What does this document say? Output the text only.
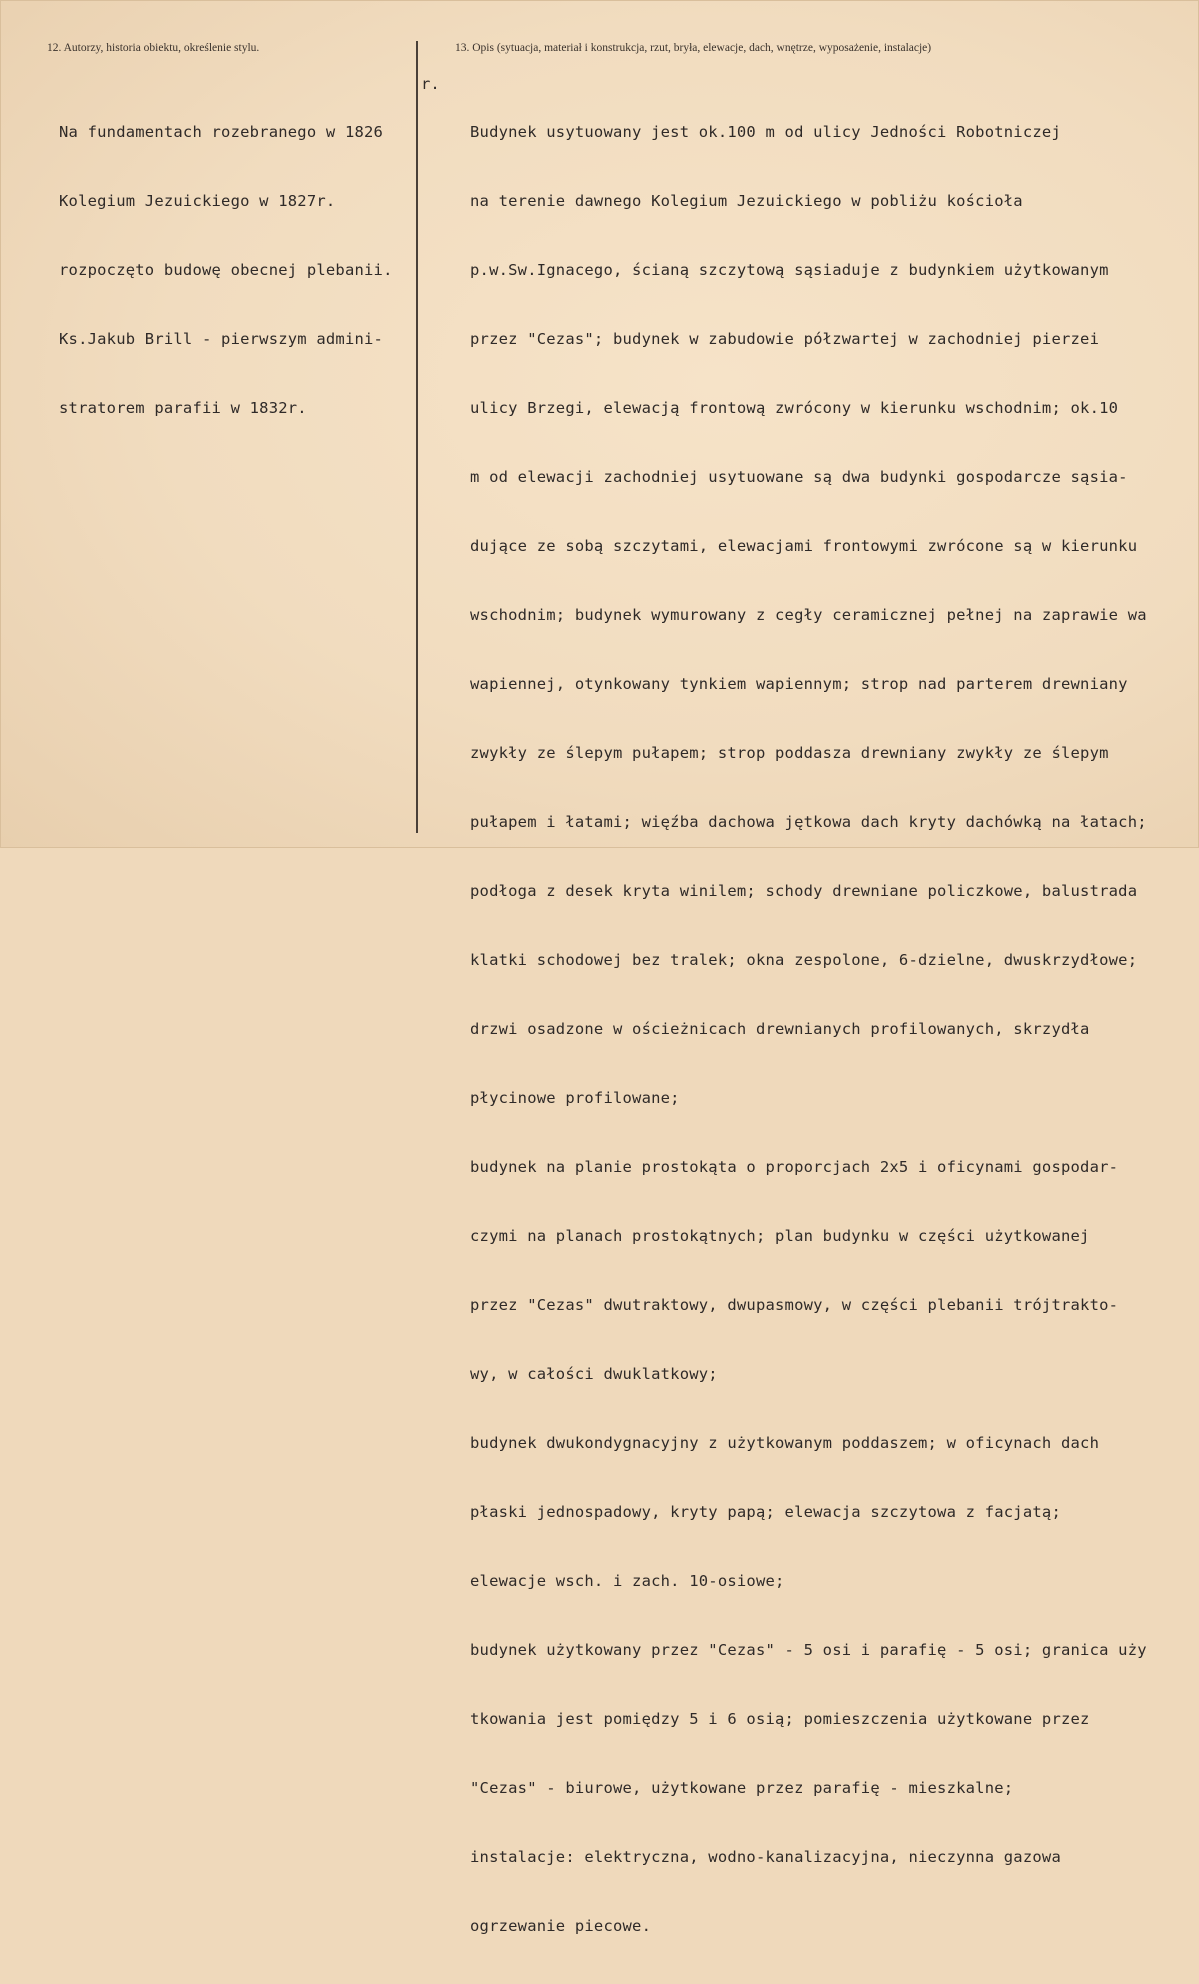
12. Autorzy, historia obiektu, określenie stylu.	13. Opis (sytuacja, materiał i konstrukcja, rzut, bryła, elewacje, dach, wnętrze, wyposażenie, instalacje)

Na fundamentach rozebranego w 1826

Kolegium Jezuickiego w 1827r.

rozpoczęto budowę obecnej plebanii.

Ks.Jakub Brill - pierwszym admini-

stratorem parafii w 1832r.

r.

Budynek usytuowany jest ok.100 m od ulicy Jedności Robotniczej

na terenie dawnego Kolegium Jezuickiego w pobliżu kościoła

p.w.Sw.Ignacego, ścianą szczytową sąsiaduje z budynkiem użytkowanym

przez "Cezas"; budynek w zabudowie półzwartej w zachodniej pierzei

ulicy Brzegi, elewacją frontową zwrócony w kierunku wschodnim; ok.10

m od elewacji zachodniej usytuowane są dwa budynki gospodarcze sąsia-

dujące ze sobą szczytami, elewacjami frontowymi zwrócone są w kierunku

wschodnim; budynek wymurowany z cegły ceramicznej pełnej na zaprawie wa

wapiennej, otynkowany tynkiem wapiennym; strop nad parterem drewniany

zwykły ze ślepym pułapem; strop poddasza drewniany zwykły ze ślepym

pułapem i łatami; więźba dachowa jętkowa dach kryty dachówką na łatach;

podłoga z desek kryta winilem; schody drewniane policzkowe, balustrada

klatki schodowej bez tralek; okna zespolone, 6-dzielne, dwuskrzydłowe;

drzwi osadzone w ościeżnicach drewnianych profilowanych, skrzydła

płycinowe profilowane;

budynek na planie prostokąta o proporcjach 2x5 i oficynami gospodar-

czymi na planach prostokątnych; plan budynku w części użytkowanej

przez "Cezas" dwutraktowy, dwupasmowy, w części plebanii trójtraktо-

wy, w całości dwuklatkowy;

budynek dwukondygnacyjny z użytkowanym poddaszem; w oficynach dach

płaski jednospadowy, kryty papą; elewacja szczytowa z facjatą;

elewacje wsch. i zach. 10-osiowe;

budynek użytkowany przez "Cezas" - 5 osi i parafię - 5 osi; granica uży

tkowania jest pomiędzy 5 i 6 osią; pomieszczenia użytkowane przez

"Cezas" - biurowe, użytkowane przez parafię - mieszkalne;

instalacje: elektryczna, wodno-kanalizacyjna, nieczynna gazowa

ogrzewanie piecowe.
